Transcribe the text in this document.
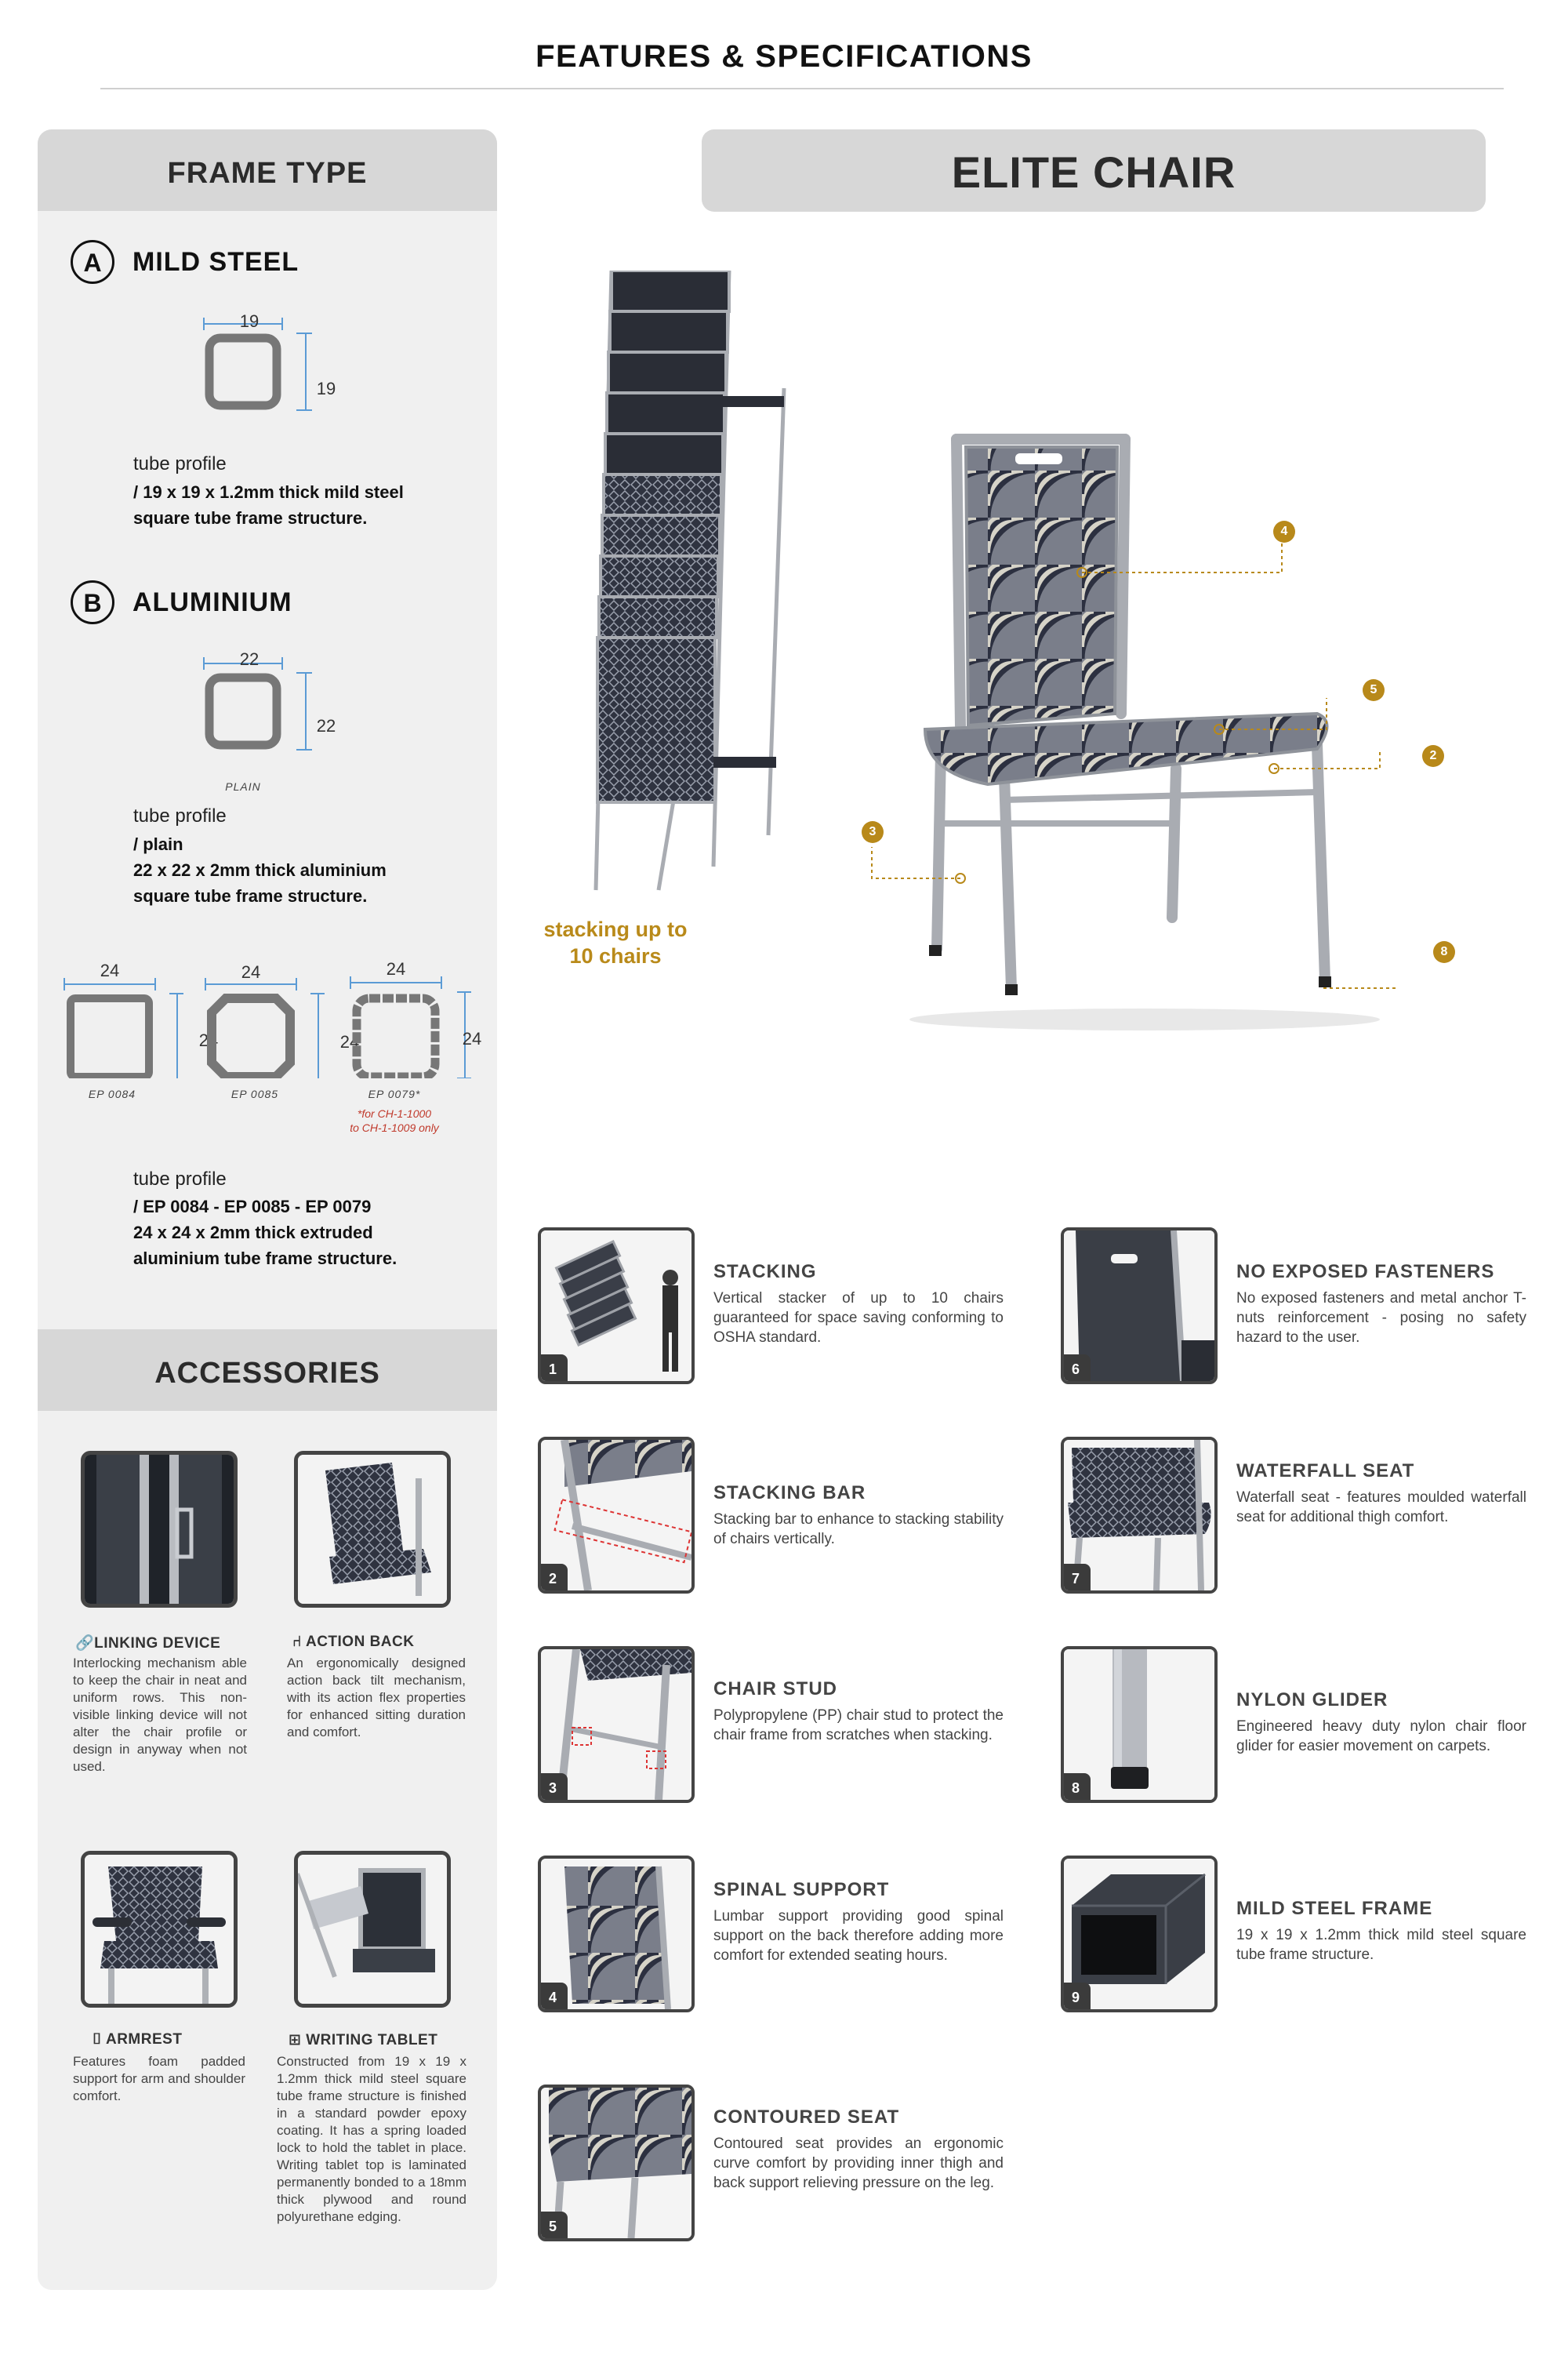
FEATURES & SPECIFICATIONS
FRAME TYPE
A	MILD STEEL
19
19
tube profile
/ 19 x 19 x 1.2mm thick mild steel
square tube frame structure.
B	ALUMINIUM
22
22
PLAIN
tube profile
/ plain
22 x 22 x 2mm thick aluminium
square tube frame structure.
24
24
EP 0084
24
24
EP 0085
24
24
EP 0079*
*for CH-1-1000
to CH-1-1009 only
tube profile
/ EP 0084 - EP 0085 - EP 0079
24 x 24 x 2mm thick extruded
aluminium tube frame structure.
ACCESSORIES
🔗LINKING DEVICE
Interlocking mechanism able to keep the chair in neat and uniform rows. This non-visible linking device will not alter the chair profile or design in anyway when not used.
⑁ ACTION BACK
An ergonomically designed action back tilt mechanism, with its action flex properties for enhanced sitting duration and comfort.
⌷ ARMREST
Features foam padded support for arm and shoulder comfort.
⊞ WRITING TABLET
Constructed from 19 x 19 x 1.2mm thick mild steel square tube frame structure is finished in a standard powder epoxy coating. It has a spring loaded lock to hold the tablet in place. Writing tablet top is laminated permanently bonded to a 18mm thick plywood and round polyurethane edging.
ELITE CHAIR
stacking up to
10 chairs
4
5
2
3
8
1
STACKING
Vertical stacker of up to 10 chairs guaranteed for space saving conforming to OSHA standard.
2
STACKING BAR
Stacking bar to enhance to stacking stability of chairs vertically.
3
CHAIR STUD
Polypropylene (PP) chair stud to protect the chair frame from scratches when stacking.
4
SPINAL SUPPORT
Lumbar support providing good spinal support on the back therefore adding more comfort for extended seating hours.
5
CONTOURED SEAT
Contoured seat provides an ergonomic curve comfort by providing inner thigh and back support relieving pressure on the leg.
6
NO EXPOSED FASTENERS
No exposed fasteners and metal anchor T-nuts reinforcement - posing no safety hazard to the user.
7
WATERFALL SEAT
Waterfall seat - features moulded waterfall seat for additional thigh comfort.
8
NYLON GLIDER
Engineered heavy duty nylon chair floor glider for easier movement on carpets.
9
MILD STEEL FRAME
19 x 19 x 1.2mm thick mild steel square tube frame structure.
